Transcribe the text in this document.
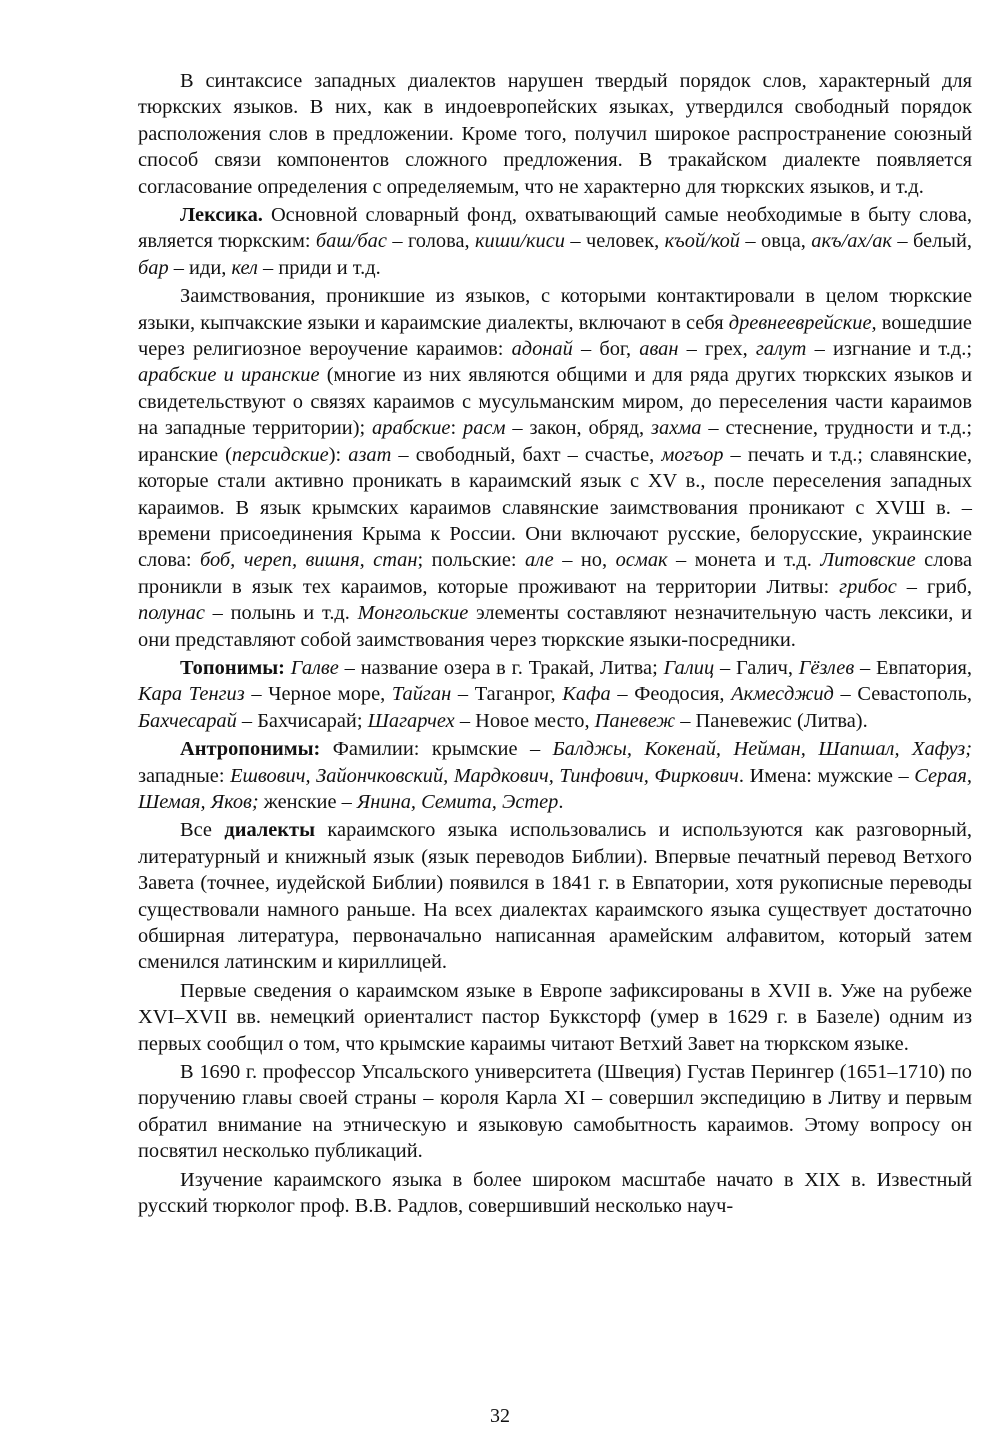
В синтаксисе западных диалектов нарушен твердый порядок слов, характерный для тюркских языков. В них, как в индоевропейских языках, утвердился свободный порядок расположения слов в предложении. Кроме того, получил широкое распространение союзный способ связи компонентов сложного предложения. В тракайском диалекте появляется согласование определения с определяемым, что не характерно для тюркских языков, и т.д.

Лексика. Основной словарный фонд, охватывающий самые необходимые в быту слова, является тюркским: баш/бас – голова, киши/киси – человек, къой/кой – овца, акъ/ах/ак – белый, бар – иди, кел – приди и т.д.

Заимствования, проникшие из языков, с которыми контактировали в целом тюркские языки, кыпчакские языки и караимские диалекты, включают в себя древнееврейские, вошедшие через религиозное вероучение караимов: адонай – бог, аван – грех, галут – изгнание и т.д.; арабские и иранские (многие из них являются общими и для ряда других тюркских языков и свидетельствуют о связях караимов с мусульманским миром, до переселения части караимов на западные территории); арабские: расм – закон, обряд, захма – стеснение, трудности и т.д.; иранские (персидские): азат – свободный, бахт – счастье, могъор – печать и т.д.; славянские, которые стали активно проникать в караимский язык с XV в., после переселения западных караимов. В язык крымских караимов славянские заимствования проникают с XVШ в. – времени присоединения Крыма к России. Они включают русские, белорусские, украинские слова: боб, череп, вишня, стан; польские: але – но, осмак – монета и т.д. Литовские слова проникли в язык тех караимов, которые проживают на территории Литвы: грибос – гриб, полунас – полынь и т.д. Монгольские элементы составляют незначительную часть лексики, и они представляют собой заимствования через тюркские языки-посредники.

Топонимы: Галве – название озера в г. Тракай, Литва; Галиц – Галич, Гёзлев – Евпатория, Кара Тенгиз – Черное море, Тайган – Таганрог, Кафа – Феодосия, Акмесджид – Севастополь, Бахчесарай – Бахчисарай; Шагарчех – Новое место, Паневеж – Паневежис (Литва).

Антропонимы: Фамилии: крымские – Балджы, Кокенай, Нейман, Шапшал, Хафуз; западные: Ешвович, Зайончковский, Мардкович, Тинфович, Фиркович. Имена: мужские – Серая, Шемая, Яков; женские – Янина, Семита, Эстер.

Все диалекты караимского языка использовались и используются как разговорный, литературный и книжный язык (язык переводов Библии). Впервые печатный перевод Ветхого Завета (точнее, иудейской Библии) появился в 1841 г. в Евпатории, хотя рукописные переводы существовали намного раньше. На всех диалектах караимского языка существует достаточно обширная литература, первоначально написанная арамейским алфавитом, который затем сменился латинским и кириллицей.

Первые сведения о караимском языке в Европе зафиксированы в XVII в. Уже на рубеже XVI–XVII вв. немецкий ориенталист пастор Букксторф (умер в 1629 г. в Базеле) одним из первых сообщил о том, что крымские караимы читают Ветхий Завет на тюркском языке.

В 1690 г. профессор Упсальского университета (Швеция) Густав Перингер (1651–1710) по поручению главы своей страны – короля Карла XI – совершил экспедицию в Литву и первым обратил внимание на этническую и языковую самобытность караимов. Этому вопросу он посвятил несколько публикаций.

Изучение караимского языка в более широком масштабе начато в XIX в. Известный русский тюрколог проф. В.В. Радлов, совершивший несколько науч-

32
